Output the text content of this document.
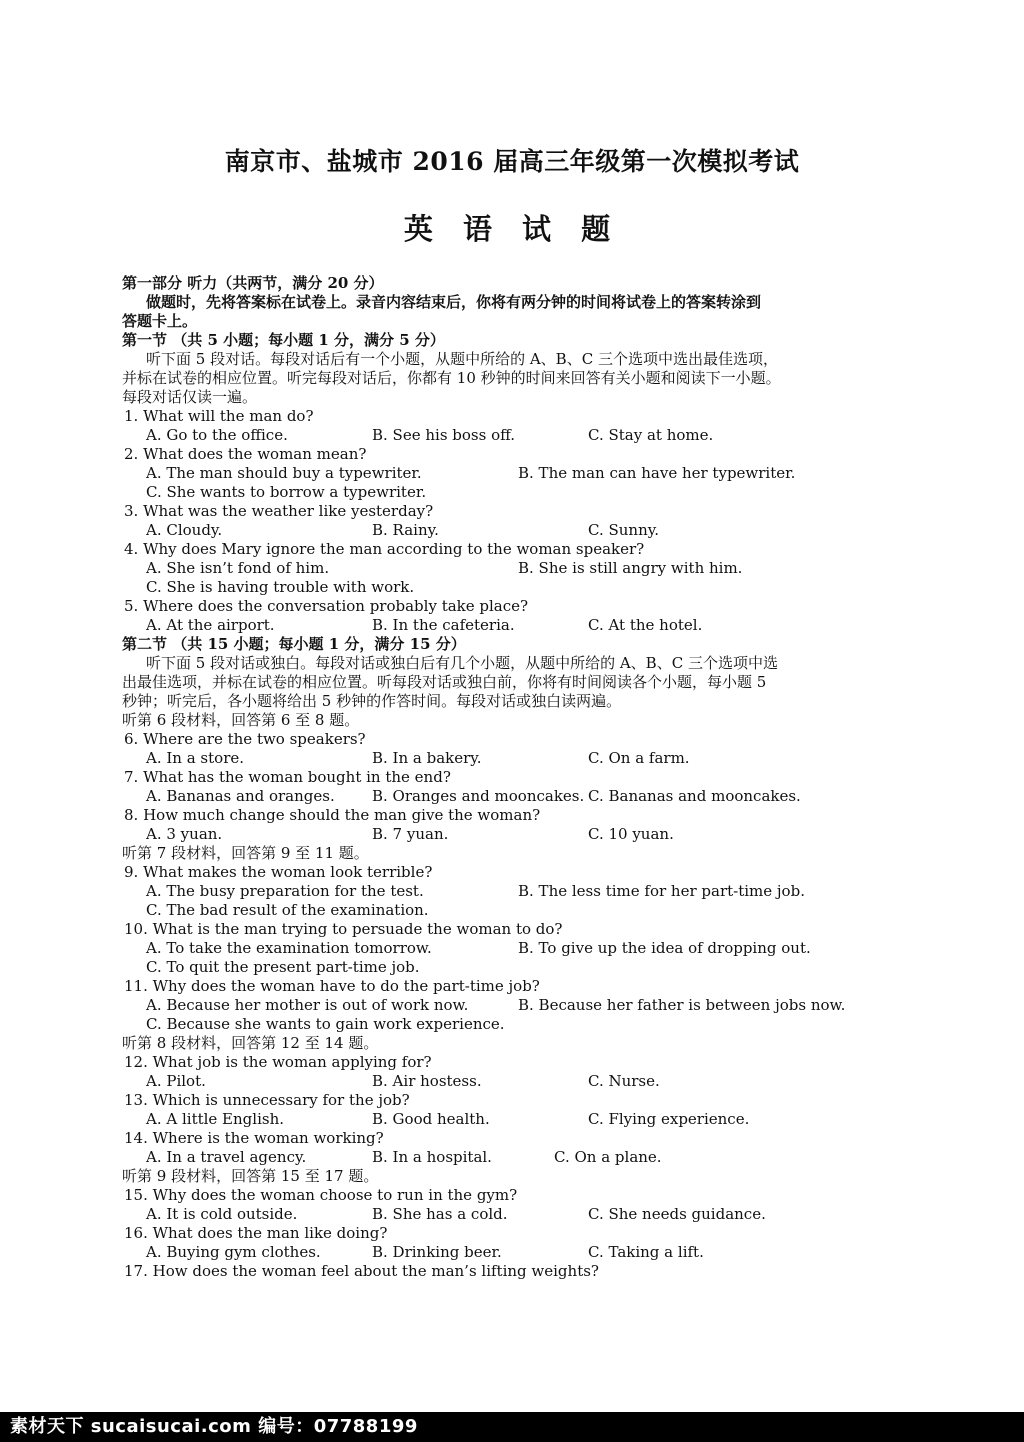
南京市、盐城市 2016 届高三年级第一次模拟考试
英 语 试 题
第一部分 听力（共两节，满分 20 分）
做题时，先将答案标在试卷上。录音内容结束后，你将有两分钟的时间将试卷上的答案转涂到
答题卡上。
第一节 （共 5 小题；每小题 1 分，满分 5 分）
听下面 5 段对话。每段对话后有一个小题，从题中所给的 A、B、C 三个选项中选出最佳选项，
并标在试卷的相应位置。听完每段对话后，你都有 10 秒钟的时间来回答有关小题和阅读下一小题。
每段对话仅读一遍。
1. What will the man do?
A. Go to the office.	B. See his boss off.	C. Stay at home.
2. What does the woman mean?
A. The man should buy a typewriter.	B. The man can have her typewriter.
C. She wants to borrow a typewriter.
3. What was the weather like yesterday?
A. Cloudy.	B. Rainy.	C. Sunny.
4. Why does Mary ignore the man according to the woman speaker?
A. She isn’t fond of him.	B. She is still angry with him.
C. She is having trouble with work.
5. Where does the conversation probably take place?
A. At the airport.	B. In the cafeteria.	C. At the hotel.
第二节 （共 15 小题；每小题 1 分，满分 15 分）
听下面 5 段对话或独白。每段对话或独白后有几个小题，从题中所给的 A、B、C 三个选项中选
出最佳选项，并标在试卷的相应位置。听每段对话或独白前，你将有时间阅读各个小题，每小题 5
秒钟；听完后，各小题将给出 5 秒钟的作答时间。每段对话或独白读两遍。
听第 6 段材料，回答第 6 至 8 题。
6. Where are the two speakers?
A. In a store.	B. In a bakery.	C. On a farm.
7. What has the woman bought in the end?
A. Bananas and oranges. B. Oranges and mooncakes. C. Bananas and mooncakes.
8. How much change should the man give the woman?
A. 3 yuan.	B. 7 yuan.	C. 10 yuan.
听第 7 段材料，回答第 9 至 11 题。
9. What makes the woman look terrible?
A. The busy preparation for the test.	B. The less time for her part-time job.
C. The bad result of the examination.
10. What is the man trying to persuade the woman to do?
A. To take the examination tomorrow.	B. To give up the idea of dropping out.
C. To quit the present part-time job.
11. Why does the woman have to do the part-time job?
A. Because her mother is out of work now.	B. Because her father is between jobs now.
C. Because she wants to gain work experience.
听第 8 段材料，回答第 12 至 14 题。
12. What job is the woman applying for?
A. Pilot.	B. Air hostess.	C. Nurse.
13. Which is unnecessary for the job?
A. A little English.	B. Good health.	C. Flying experience.
14. Where is the woman working?
A. In a travel agency.	B. In a hospital.	C. On a plane.
听第 9 段材料，回答第 15 至 17 题。
15. Why does the woman choose to run in the gym?
A. It is cold outside.	B. She has a cold.	C. She needs guidance.
16. What does the man like doing?
A. Buying gym clothes.	B. Drinking beer.	C. Taking a lift.
17. How does the woman feel about the man’s lifting weights?
素材天下 sucaisucai.com 编号：07788199
